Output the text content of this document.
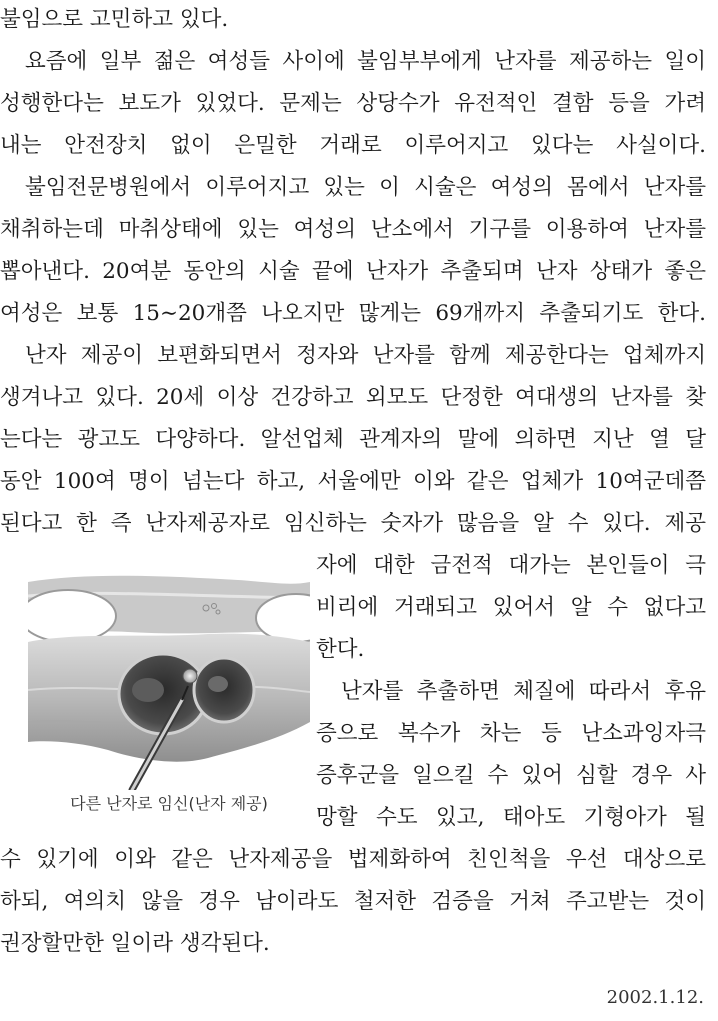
불임으로 고민하고 있다.
요즘에 일부 젊은 여성들 사이에 불임부부에게 난자를 제공하는 일이
성행한다는 보도가 있었다. 문제는 상당수가 유전적인 결함 등을 가려
내는 안전장치 없이 은밀한 거래로 이루어지고 있다는 사실이다.
불임전문병원에서 이루어지고 있는 이 시술은 여성의 몸에서 난자를
채취하는데 마취상태에 있는 여성의 난소에서 기구를 이용하여 난자를
뽑아낸다. 20여분 동안의 시술 끝에 난자가 추출되며 난자 상태가 좋은
여성은 보통 15∼20개쯤 나오지만 많게는 69개까지 추출되기도 한다.
난자 제공이 보편화되면서 정자와 난자를 함께 제공한다는 업체까지
생겨나고 있다. 20세 이상 건강하고 외모도 단정한 여대생의 난자를 찾
는다는 광고도 다양하다. 알선업체 관계자의 말에 의하면 지난 열 달
동안 100여 명이 넘는다 하고, 서울에만 이와 같은 업체가 10여군데쯤
된다고 한 즉 난자제공자로 임신하는 숫자가 많음을 알 수 있다. 제공
자에 대한 금전적 대가는 본인들이 극
비리에 거래되고 있어서 알 수 없다고
한다.
난자를 추출하면 체질에 따라서 후유
증으로 복수가 차는 등 난소과잉자극
증후군을 일으킬 수 있어 심할 경우 사
망할 수도 있고, 태아도 기형아가 될
수 있기에 이와 같은 난자제공을 법제화하여 친인척을 우선 대상으로
하되, 여의치 않을 경우 남이라도 철저한 검증을 거쳐 주고받는 것이
권장할만한 일이라 생각된다.
다른 난자로 임신(난자 제공)
2002.1.12.
